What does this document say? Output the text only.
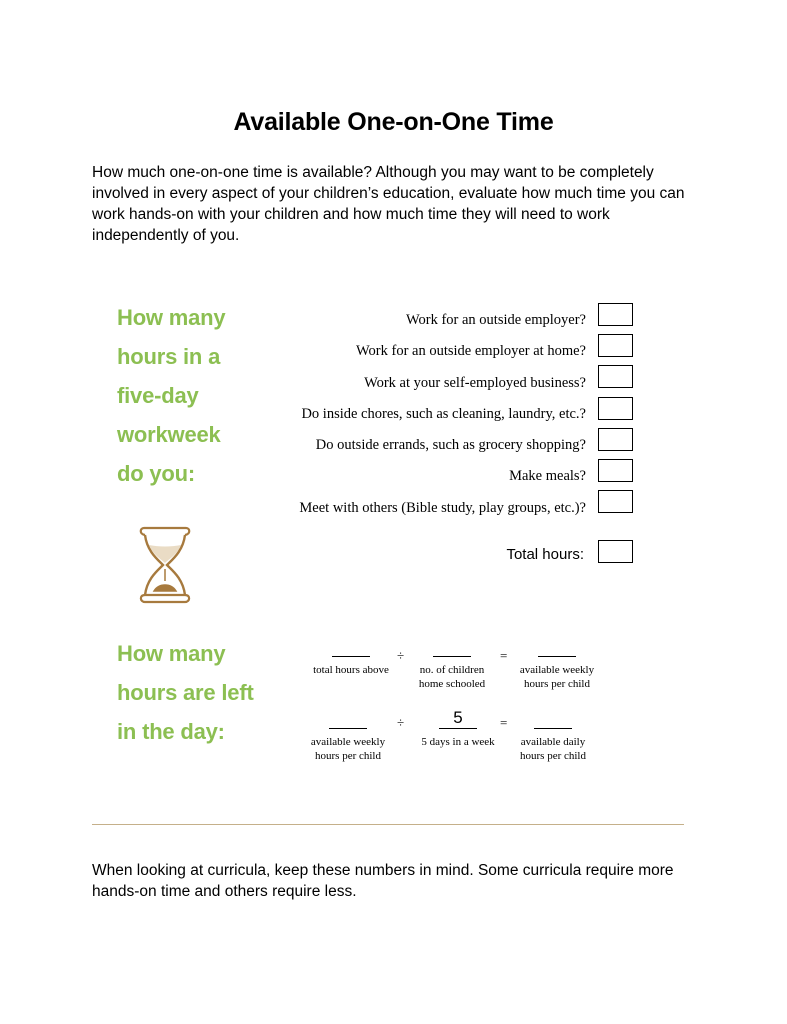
Available One-on-One Time
How much one-on-one time is available? Although you may want to be completely involved in every aspect of your children’s education, evaluate how much time you can work hands-on with your children and how much time they will need to work independently of you.
How many
hours in a
five-day
workweek
do you:
Work for an outside employer?
Work for an outside employer at home?
Work at your self-employed business?
Do inside chores, such as cleaning, laundry, etc.?
Do outside errands, such as grocery shopping?
Make meals?
Meet with others (Bible study, play groups, etc.)?
Total hours:
How many
hours are left
in the day:
total hours above
÷
no. of children home schooled
=
available weekly hours per child
available weekly hours per child
÷	5
5 days in a week
=
available daily hours per child
When looking at curricula, keep these numbers in mind. Some curricula require more hands-on time and others require less.
